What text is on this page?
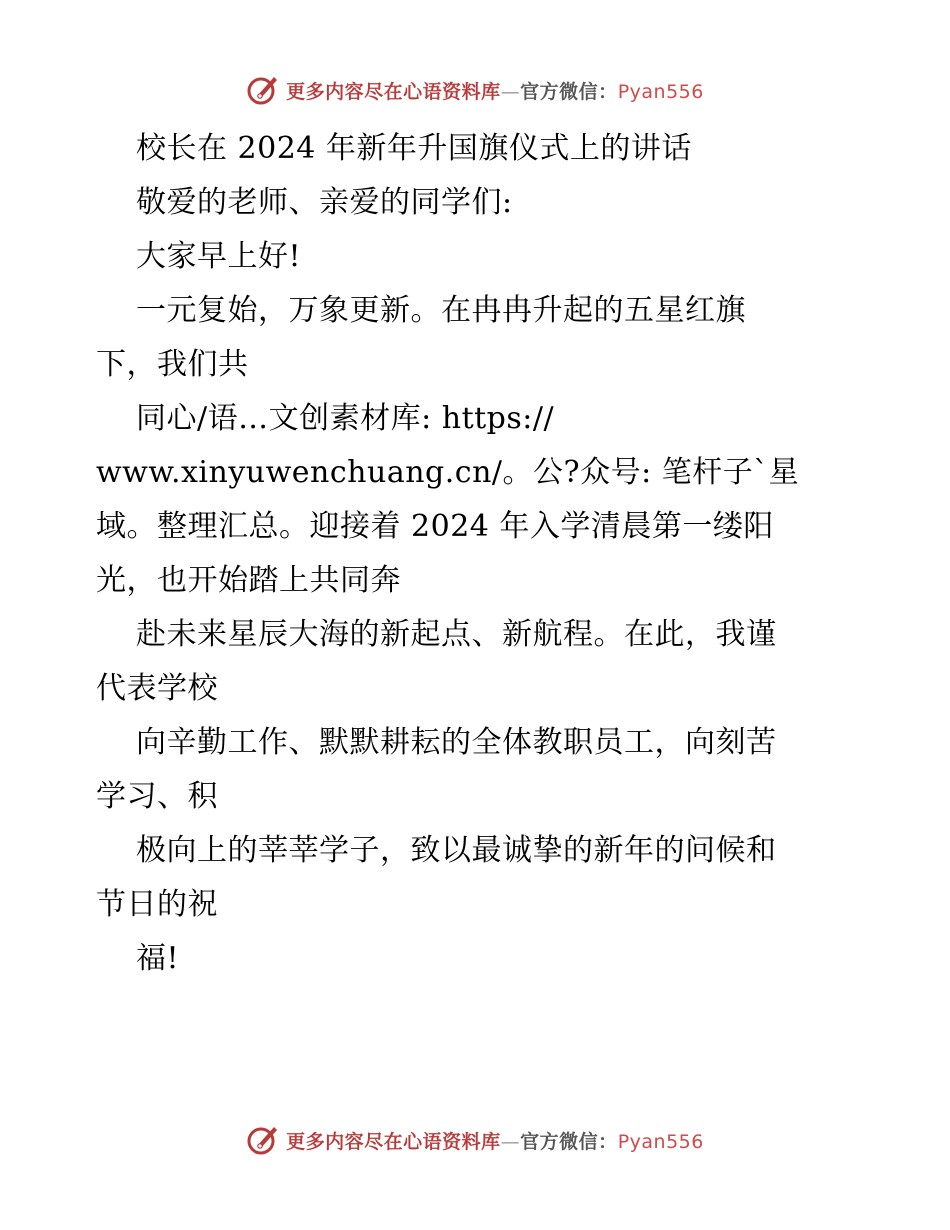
更多内容尽在心语资料库—官方微信：Pyan556
校长在 2024 年新年升国旗仪式上的讲话
敬爱的老师、亲爱的同学们:
大家早上好!
一元复始，万象更新。在冉冉升起的五星红旗
下，我们共
同心/语…文创素材库: https://
www.xinyuwenchuang.cn/。公?众号: 笔杆子`星
域。整理汇总。迎接着 2024 年入学清晨第一缕阳
光，也开始踏上共同奔
赴未来星辰大海的新起点、新航程。在此，我谨
代表学校
向辛勤工作、默默耕耘的全体教职员工，向刻苦
学习、积
极向上的莘莘学子，致以最诚挚的新年的问候和
节日的祝
福!
更多内容尽在心语资料库—官方微信：Pyan556
